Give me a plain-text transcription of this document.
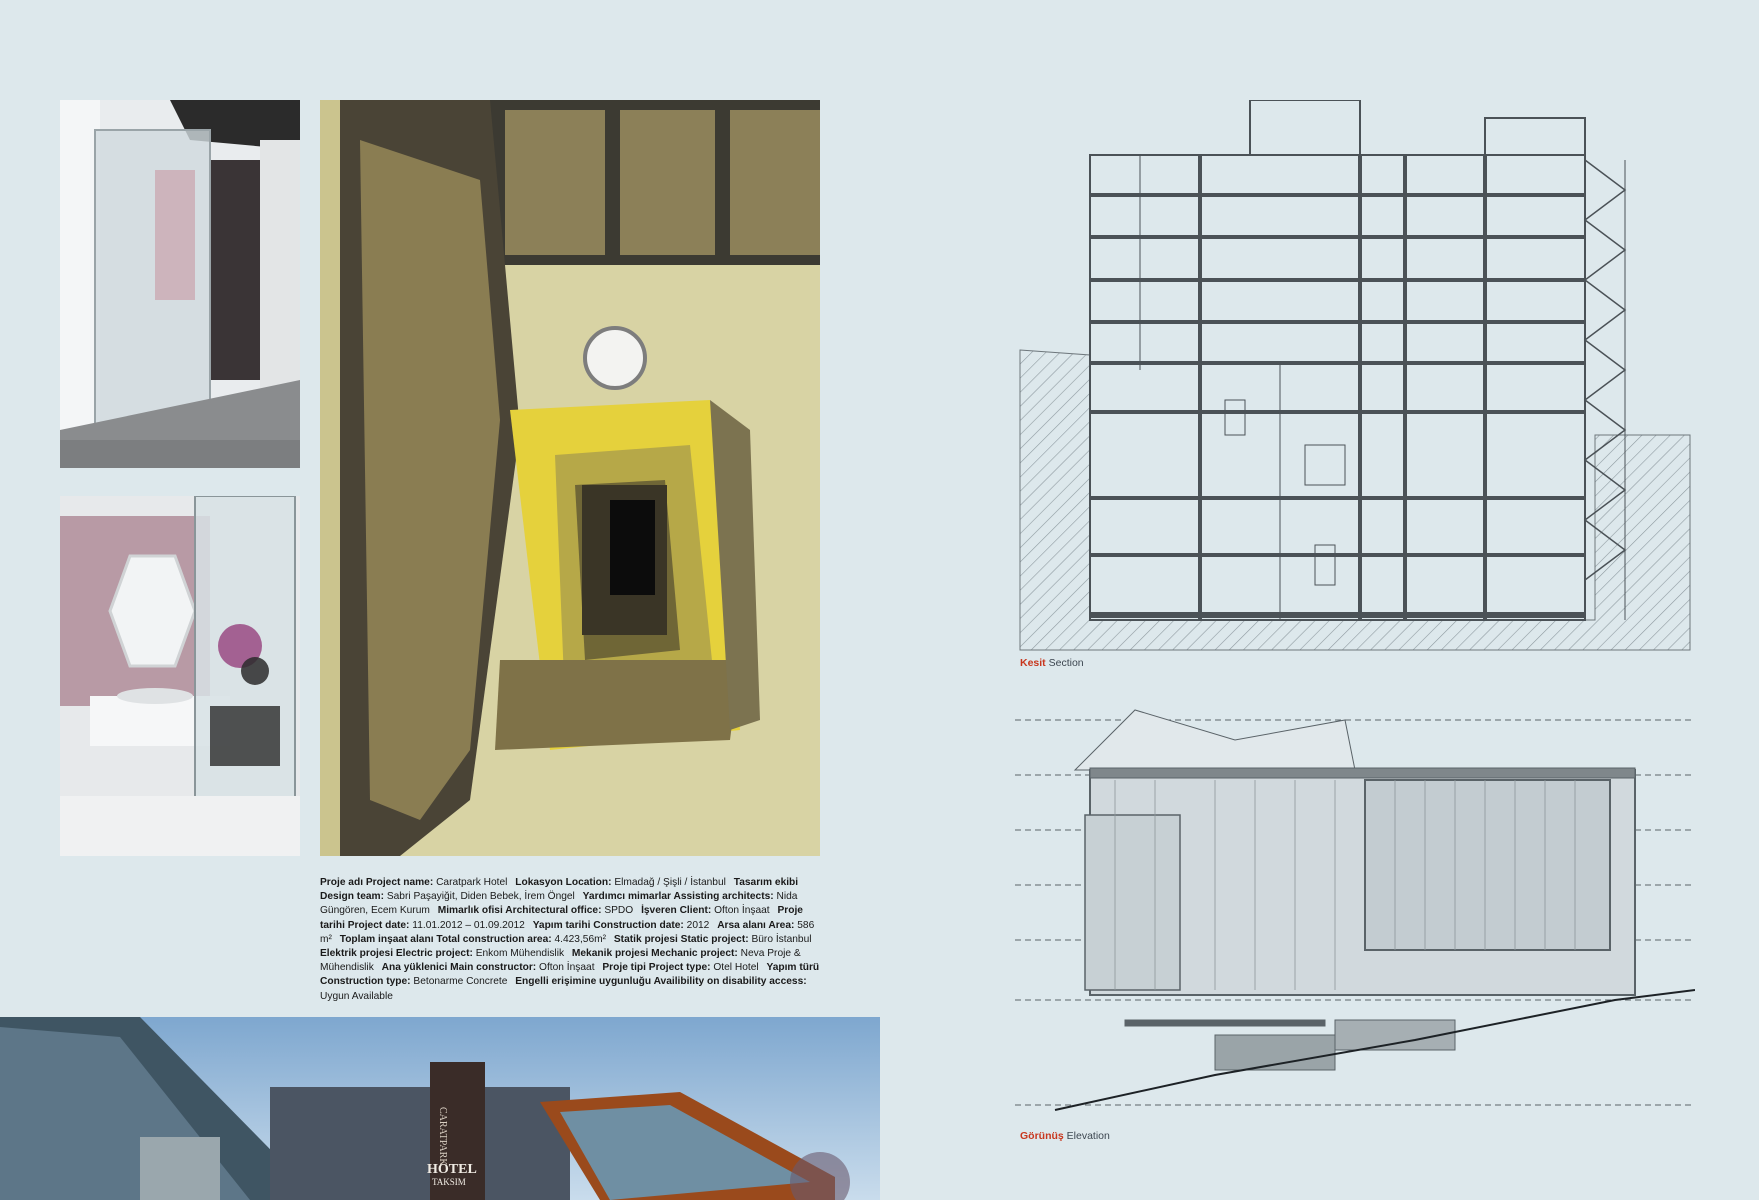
Proje adı Project name: Caratpark Hotel Lokasyon Location: Elmadağ / Şişli / İstanbul Tasarım ekibi Design team: Sabri Paşayiğit, Diden Bebek, İrem Öngel Yardımcı mimarlar Assisting architects: Nida Güngören, Ecem Kurum Mimarlık ofisi Architectural office: SPDO İşveren Client: Ofton İnşaat Proje tarihi Project date: 11.01.2012 – 01.09.2012 Yapım tarihi Construction date: 2012 Arsa alanı Area: 586 m² Toplam inşaat alanı Total construction area: 4.423,56m² Statik projesi Static project: Büro İstanbul Elektrik projesi Electric project: Enkom Mühendislik Mekanik projesi Mechanic project: Neva Proje & Mühendislik Ana yüklenici Main constructor: Ofton İnşaat Proje tipi Project type: Otel Hotel Yapım türü Construction type: Betonarme Concrete Engelli erişimine uygunluğu Availibility on disability access: Uygun Available
CARATPARK
HOTEL
TAKSIM
Kesit Section
Görünüş Elevation
